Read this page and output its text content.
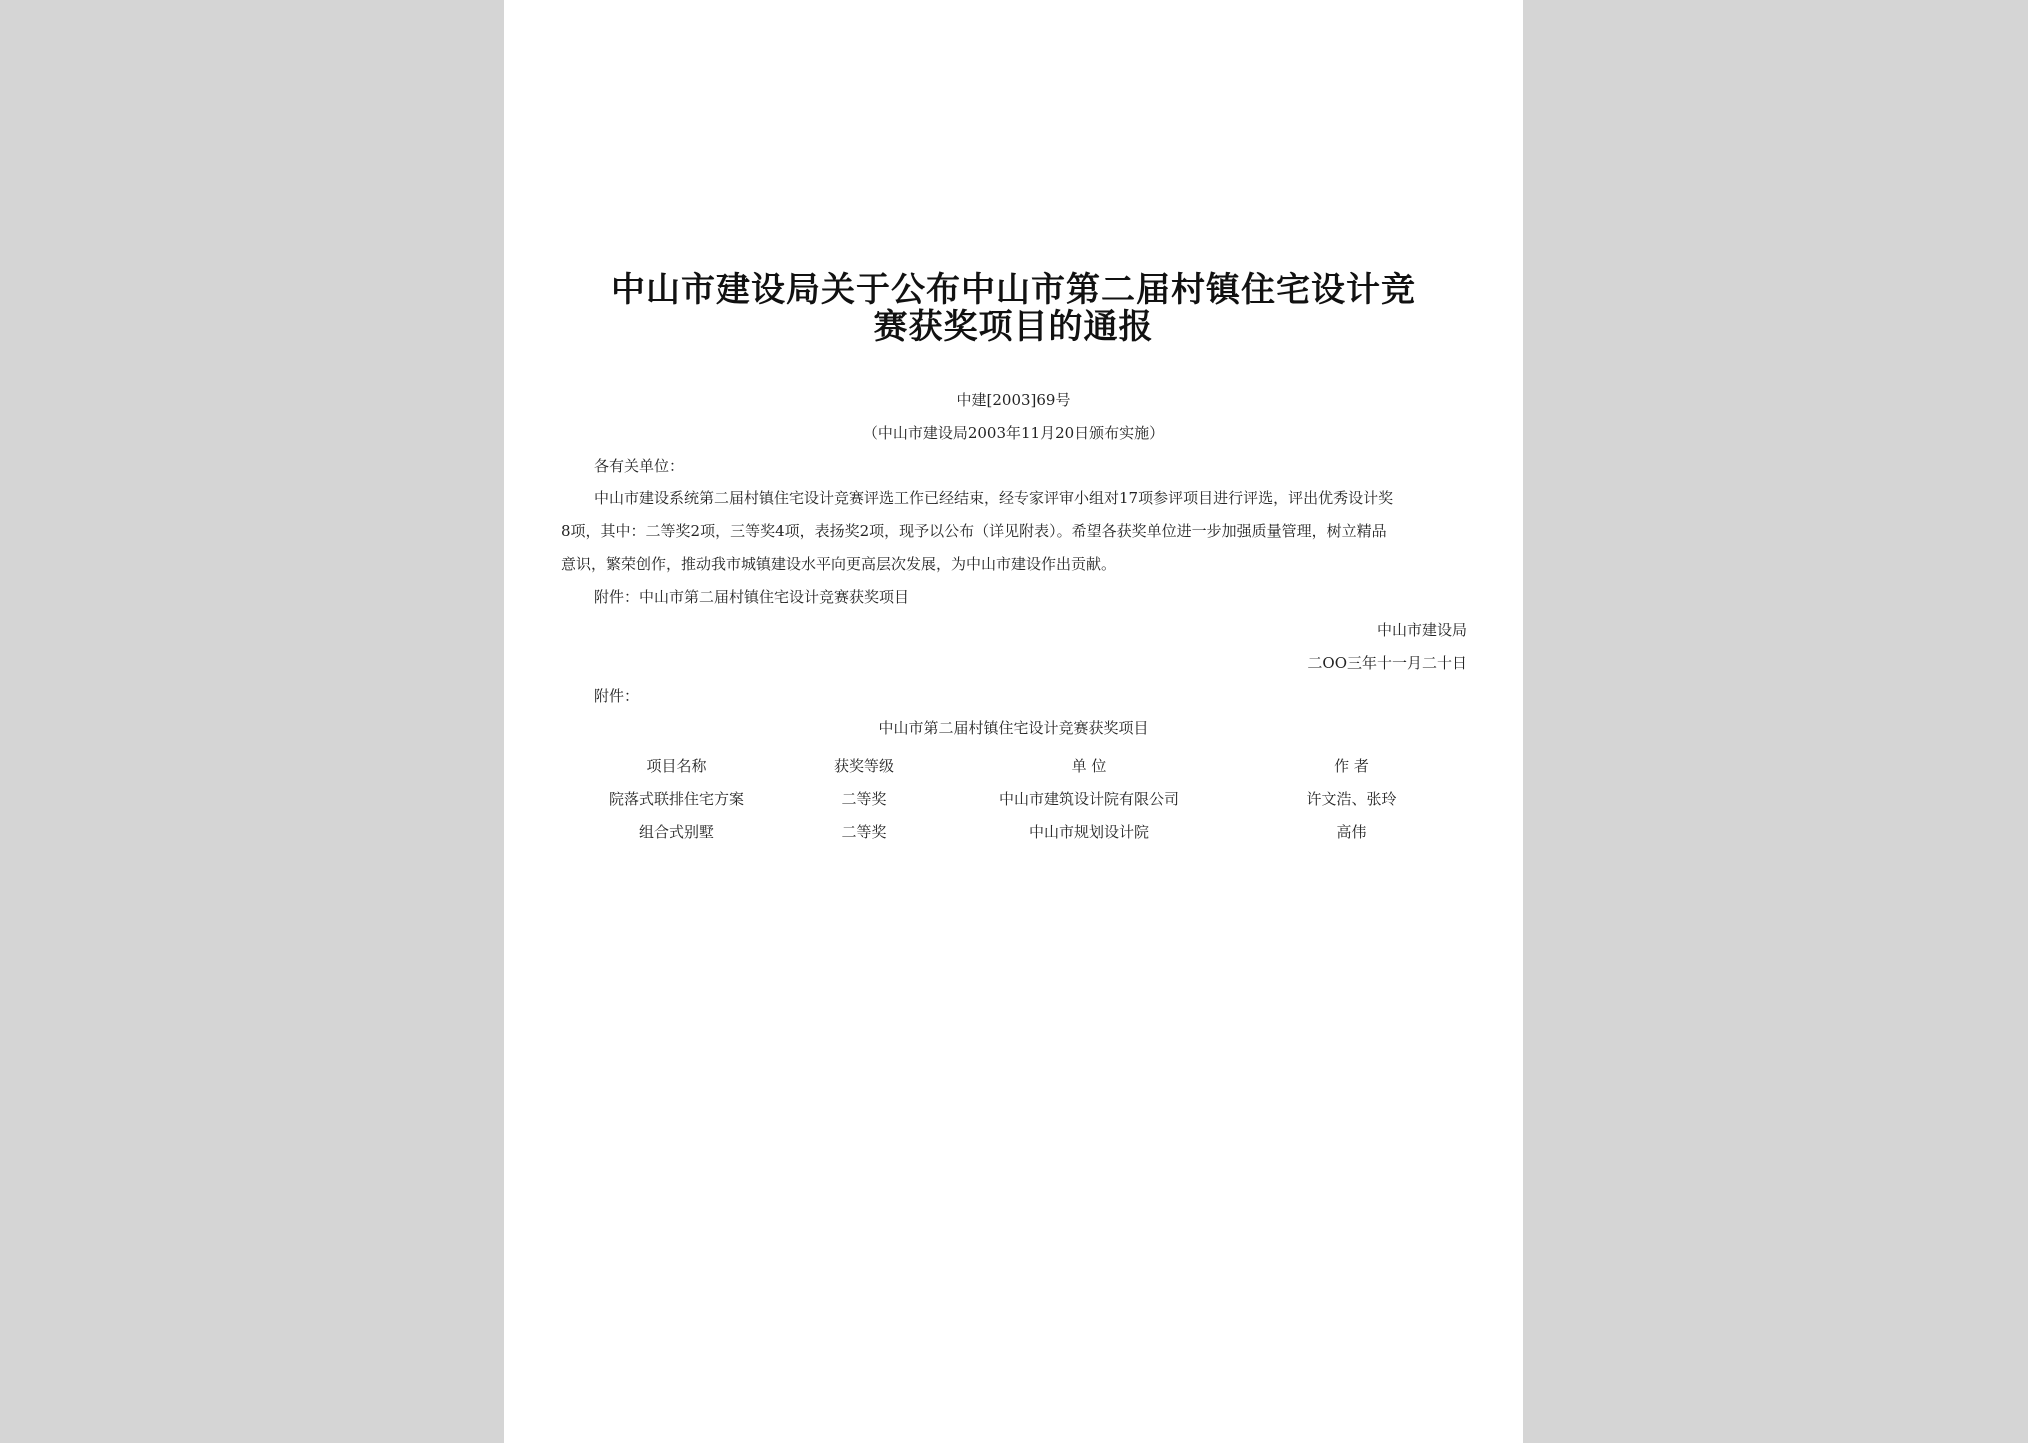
中山市建设局关于公布中山市第二届村镇住宅设计竞
赛获奖项目的通报
中建[2003]69号
（中山市建设局2003年11月20日颁布实施）
各有关单位：
中山市建设系统第二届村镇住宅设计竞赛评选工作已经结束，经专家评审小组对17项参评项目进行评选，评出优秀设计奖
8项，其中：二等奖2项，三等奖4项，表扬奖2项，现予以公布（详见附表）。希望各获奖单位进一步加强质量管理，树立精品
意识，繁荣创作，推动我市城镇建设水平向更高层次发展，为中山市建设作出贡献。
附件：中山市第二届村镇住宅设计竞赛获奖项目
中山市建设局
二OO三年十一月二十日
附件：
中山市第二届村镇住宅设计竞赛获奖项目
项目名称	获奖等级	单 位	作 者
院落式联排住宅方案	二等奖	中山市建筑设计院有限公司	许文浩、张玲
组合式别墅	二等奖	中山市规划设计院	高伟
